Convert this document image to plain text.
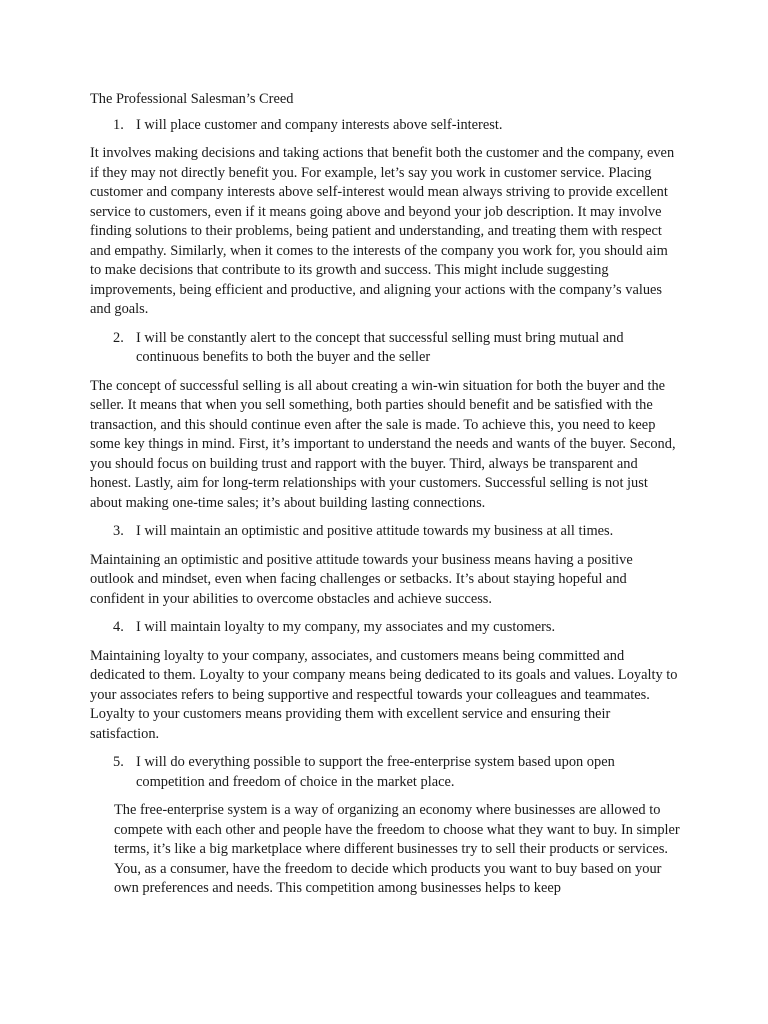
The Professional Salesman’s Creed
1. I will place customer and company interests above self-interest.

It involves making decisions and taking actions that benefit both the customer and the company, even if they may not directly benefit you. For example, let’s say you work in customer service. Placing customer and company interests above self-interest would mean always striving to provide excellent service to customers, even if it means going above and beyond your job description. It may involve finding solutions to their problems, being patient and understanding, and treating them with respect and empathy. Similarly, when it comes to the interests of the company you work for, you should aim to make decisions that contribute to its growth and success. This might include suggesting improvements, being efficient and productive, and aligning your actions with the company’s values and goals.

2. I will be constantly alert to the concept that successful selling must bring mutual and continuous benefits to both the buyer and the seller

The concept of successful selling is all about creating a win-win situation for both the buyer and the seller. It means that when you sell something, both parties should benefit and be satisfied with the transaction, and this should continue even after the sale is made. To achieve this, you need to keep some key things in mind. First, it’s important to understand the needs and wants of the buyer. Second, you should focus on building trust and rapport with the buyer. Third, always be transparent and honest. Lastly, aim for long-term relationships with your customers. Successful selling is not just about making one-time sales; it’s about building lasting connections.

3. I will maintain an optimistic and positive attitude towards my business at all times.

Maintaining an optimistic and positive attitude towards your business means having a positive outlook and mindset, even when facing challenges or setbacks. It’s about staying hopeful and confident in your abilities to overcome obstacles and achieve success.

4. I will maintain loyalty to my company, my associates and my customers.

Maintaining loyalty to your company, associates, and customers means being committed and dedicated to them. Loyalty to your company means being dedicated to its goals and values. Loyalty to your associates refers to being supportive and respectful towards your colleagues and teammates. Loyalty to your customers means providing them with excellent service and ensuring their satisfaction.

5. I will do everything possible to support the free-enterprise system based upon open competition and freedom of choice in the market place.

The free-enterprise system is a way of organizing an economy where businesses are allowed to compete with each other and people have the freedom to choose what they want to buy. In simpler terms, it’s like a big marketplace where different businesses try to sell their products or services. You, as a consumer, have the freedom to decide which products you want to buy based on your own preferences and needs. This competition among businesses helps to keep
